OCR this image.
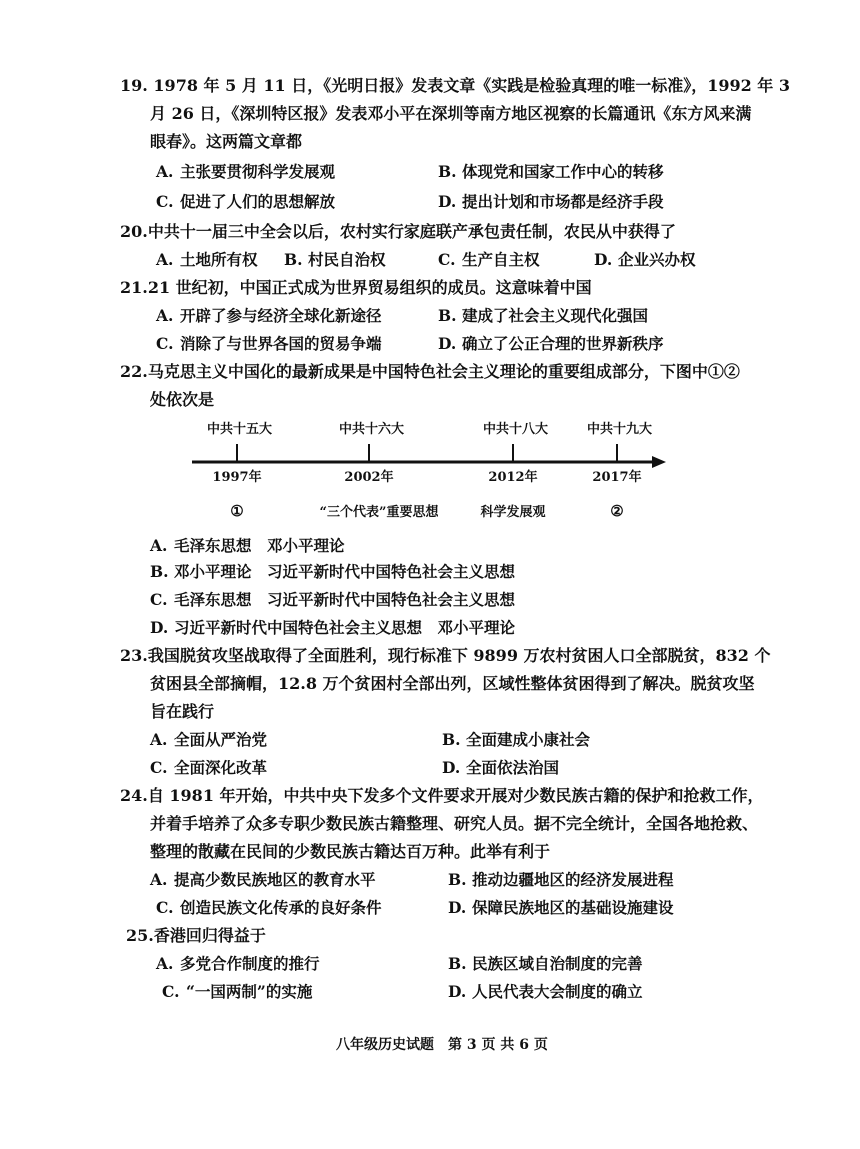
19. 1978 年 5 月 11 日，《光明日报》发表文章《实践是检验真理的唯一标准》，1992 年 3
月 26 日，《深圳特区报》发表邓小平在深圳等南方地区视察的长篇通讯《东方风来满
眼春》。这两篇文章都
A. 主张要贯彻科学发展观	B. 体现党和国家工作中心的转移
C. 促进了人们的思想解放	D. 提出计划和市场都是经济手段
20.中共十一届三中全会以后，农村实行家庭联产承包责任制，农民从中获得了
A. 土地所有权 B. 村民自治权	C. 生产自主权	D. 企业兴办权
21.21 世纪初，中国正式成为世界贸易组织的成员。这意味着中国
A. 开辟了参与经济全球化新途径	B. 建成了社会主义现代化强国
C. 消除了与世界各国的贸易争端	D. 确立了公正合理的世界新秩序
22.马克思主义中国化的最新成果是中国特色社会主义理论的重要组成部分，下图中①②
处依次是
中共十五大	中共十六大	中共十八大	中共十九大
1997年	2002年	2012年	2017年
①	“三个代表”重要思想	科学发展观	②
A. 毛泽东思想　邓小平理论
B. 邓小平理论　习近平新时代中国特色社会主义思想
C. 毛泽东思想　习近平新时代中国特色社会主义思想
D. 习近平新时代中国特色社会主义思想　邓小平理论
23.我国脱贫攻坚战取得了全面胜利，现行标准下 9899 万农村贫困人口全部脱贫，832 个
贫困县全部摘帽，12.8 万个贫困村全部出列，区域性整体贫困得到了解决。脱贫攻坚
旨在践行
A. 全面从严治党	B. 全面建成小康社会
C. 全面深化改革	D. 全面依法治国
24.自 1981 年开始，中共中央下发多个文件要求开展对少数民族古籍的保护和抢救工作，
并着手培养了众多专职少数民族古籍整理、研究人员。据不完全统计，全国各地抢救、
整理的散藏在民间的少数民族古籍达百万种。此举有利于
A. 提高少数民族地区的教育水平	B. 推动边疆地区的经济发展进程
C. 创造民族文化传承的良好条件	D. 保障民族地区的基础设施建设
25.香港回归得益于
A. 多党合作制度的推行	B. 民族区域自治制度的完善
C. “一国两制”的实施	D. 人民代表大会制度的确立
八年级历史试题　第 3 页 共 6 页
